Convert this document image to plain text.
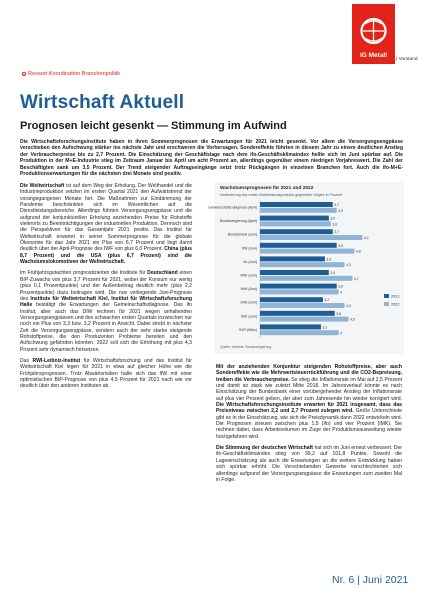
IG Metall
| Vorstand
Ressort Koordination Branchenpolitik
Wirtschaft Aktuell
Prognosen leicht gesenkt — Stimmung im Aufwind
Die Wirtschaftsforschungsinstitute haben in ihren Sommerprognosen die Erwartungen für 2021 leicht gesenkt. Vor allem die Versorgungsengpässe verschieben den Aufschwung stärker ins nächste Jahr und erschweren die Vorhersagen. Sondereffekte führten in diesem Jahr zu einem deutlichen Anstieg der Verbraucherpreise bis zu 2,7 Prozent. Die Einschätzung der Geschäftslage nach dem ifo-Geschäftsklimaindex hellte sich im Juni spürbar auf. Die Produktion in der M+E-Industrie stieg im Zeitraum Januar bis April um acht Prozent an, allerdings gegenüber einem niedrigen Vorjahreswert. Die Zahl der Beschäftigten sank um 3,5 Prozent. Der Trend steigender Auftragseingänge setzt trotz Rückgängen in einzelnen Branchen fort. Auch die ifo-M+E-Produktionserwartungen für die nächsten drei Monate sind positiv.

Die Weltwirtschaft ist auf dem Weg der Erholung. Der Welthandel und die Industrieproduktion setzten im ersten Quartal 2021 den Aufwärtstrend der vorangegangenen Monate fort. Die Maßnahmen zur Eindämmung der Pandemie beschränkten sich im Wesentlichen auf die Dienstleistungsbereiche. Allerdings führten Versorgungsengpässe und die aufgrund der konjunkturellen Erholung anziehenden Preise für Rohstoffe vielerorts zu Beeinträchtigungen der industriellen Produktion. Dennoch sind die Perspektiven für das Gesamtjahr 2021 positiv. Das Institut für Weltwirtschaft erwartet in seiner Sommerprognose für die globale Ökonomie für das Jahr 2021 ein Plus von 6,7 Prozent und liegt damit deutlich über der April-Prognose des IWF von plus 6,0 Prozent. China (plus 8,7 Prozent) und die USA (plus 6,7 Prozent) sind die Wachstumslokomotiven der Weltwirtschaft.

Im Frühjahrsgutachten prognostizierten die Institute für Deutschland einen BIP-Zuwachs von plus 3,7 Prozent für 2021, wobei der Konsum nur wenig (plus 0,1 Prozentpunkte) und der Außenbeitrag deutlich mehr (plus 2,2 Prozentpunkte) dazu beitragen wird. Die nun vorliegende Juni-Prognose des Instituts für Weltwirtschaft Kiel, Institut für Wirtschaftsforschung Halle bestätigt die Erwartungen der Gemeinschaftsdiagnose. Das ifo Institut, aber auch das DIW rechnen für 2021 wegen anhaltenden Versorgungsengpässen und des schwachen ersten Quartals inzwischen nur noch ein Plus von 3,3 bzw. 3,2 Prozent in Ansicht. Dabei strebt in nächster Zeit die Versorgungsengpässe, sondern auch der sehr starke steigende Rohstoffpreise, die den Produzenten Probleme bereiten und den Aufschwung gefährden könnten. 2022 soll sich die Erhöhung mit plus 4,3 Prozent sehr dynamisch fortsetzen.

Das RWI-Leibniz-Institut für Wirtschaftsforschung und das Institut für Weltwirtschaft Kiel legen für 2021 in etwa auf gleicher Höhe wie die Frühjahrsprognosen. Trotz Abwärtsrisiken halte sich das IfW mit einer optimistischen BIP-Prognose von plus 4,5 Prozent für 2021 nach wie vor deutlich über den anderen Instituten ab.

Wachstumsprognosen für 2021 und 2022
Veränderung des realen Bruttoinlandsprodukts gegenüber Vorjahr in Prozent
Gemeinschafts-diagnose (April)
3,7
3,9
Bundesregierung (April)
3,5
3,6
Bundesbank (Juni)
3,7
5,2
IfW (Juni)
3,9
4,8
ifo (Juni)
3,3
4,3
RWI (Juni)
3,5
4,7
IWH (Juni)
3,9
4
DIW (Juni)
3,2
4,3
IMK (Juni)
3,8
4,5
SVR (März)
3,1
4
2021
2022
Quelle: Institute, Bundesregierung

Mit der anziehenden Konjunktur steigenden Rohstoffpreise, aber auch Sondereffekte wie die Mehrwertsteuerrückführung und die CO2-Bepreisung, treiben die Verbraucherpreise. So stieg die Inflationsrate im Mai auf 2,5 Prozent und damit so stark wie zuletzt Mitte 2018. Im Jahresverlauf könnte es nach Einschätzung der Bundesbank einer vorübergehender Anstieg der Inflationsrate auf plus vier Prozent geben, der aber zum Jahresende hin wieder korrigiert wird. Die Wirtschaftsforschungsinstitute erwarten für 2021 insgesamt, dass das Preisniveau zwischen 2,2 und 2,7 Prozent zulegen wird. Große Unterschiede gibt es in der Einschätzung, wie sich die Preisdynamik dann 2022 entwickeln wird. Die Prognosen streuen zwischen plus 1,5 (ifo) und vier Prozent (IMK). Sie rechnen dabei, dass Arbeitsvolumen im Zuge der Produktionsausweitung wieder hochgefahren wird.

Die Stimmung der deutschen Wirtschaft hat sich im Juni erneut verbessert. Der ifo-Geschäftsklimaindex stieg von 99,2 auf 101,8 Punkte. Sowohl die Lageeinschätzung als auch die Erwartungen an die weitere Entwicklung haben sich spürbar erhöht. Die Verschiebenden Gewerbe verschlechterten sich allerdings aufgrund der Versorgungsengpässe die Erwartungen zum zweiten Mal in Folge.

Nr. 6 | Juni 2021
